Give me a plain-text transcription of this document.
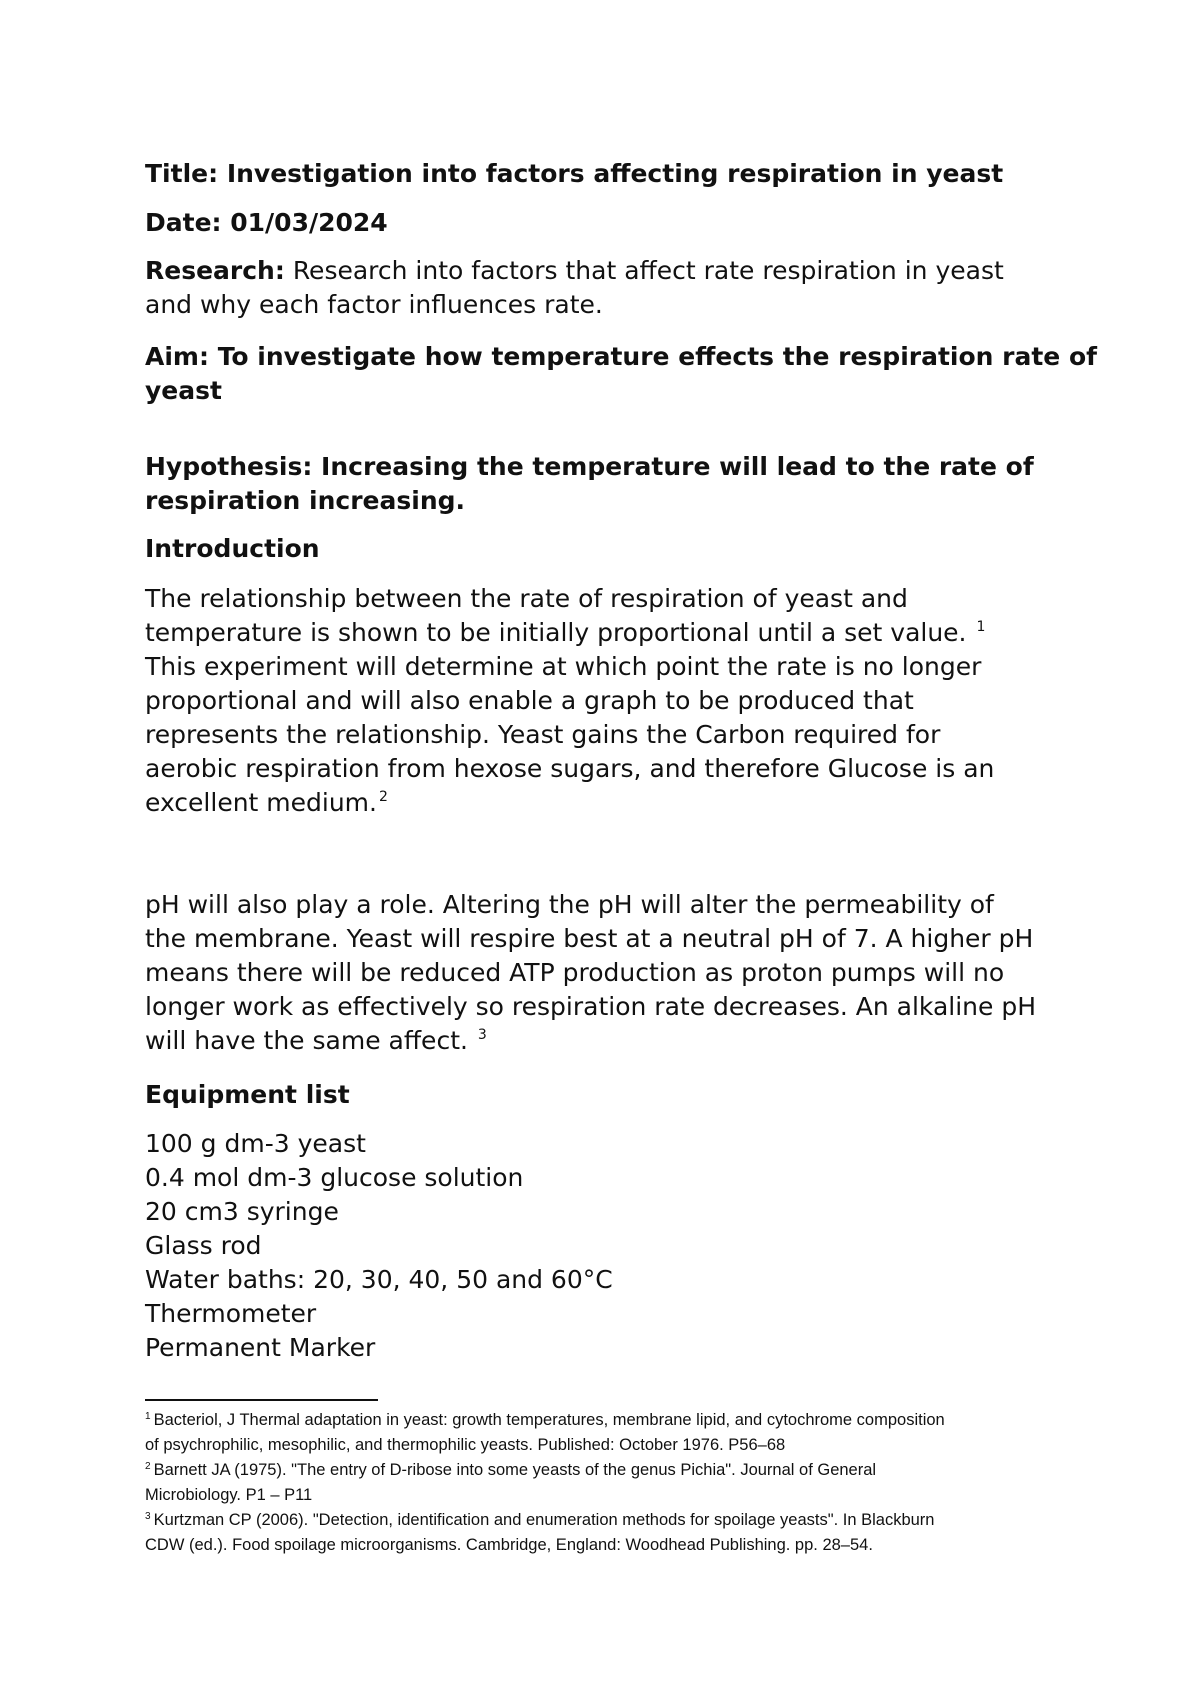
Title: Investigation into factors affecting respiration in yeast
Date: 01/03/2024
Research: Research into factors that affect rate respiration in yeast
and why each factor influences rate.
Aim: To investigate how temperature effects the respiration rate of
yeast
Hypothesis: Increasing the temperature will lead to the rate of
respiration increasing.
Introduction
The relationship between the rate of respiration of yeast and
temperature is shown to be initially proportional until a set value. $^1$
This experiment will determine at which point the rate is no longer
proportional and will also enable a graph to be produced that
represents the relationship. Yeast gains the Carbon required for
aerobic respiration from hexose sugars, and therefore Glucose is an
excellent medium. $^2$
pH will also play a role. Altering the pH will alter the permeability of
the membrane. Yeast will respire best at a neutral pH of 7. A higher pH
means there will be reduced ATP production as proton pumps will no
longer work as effectively so respiration rate decreases. An alkaline pH
will have the same affect. $^3$
Equipment list
100 g dm-3 yeast
0.4 mol dm-3 glucose solution
20 cm3 syringe
Glass rod
Water baths: 20, 30, 40, 50 and 60°C
Thermometer
Permanent Marker
$^1$ Bacteriol, J Thermal adaptation in yeast: growth temperatures, membrane lipid, and cytochrome composition
of psychrophilic, mesophilic, and thermophilic yeasts. Published: October 1976. P56–68
$^2$ Barnett JA (1975). "The entry of D-ribose into some yeasts of the genus Pichia". Journal of General
Microbiology. P1 – P11
$^3$ Kurtzman CP (2006). "Detection, identification and enumeration methods for spoilage yeasts". In Blackburn
CDW (ed.). Food spoilage microorganisms. Cambridge, England: Woodhead Publishing. pp. 28–54.
